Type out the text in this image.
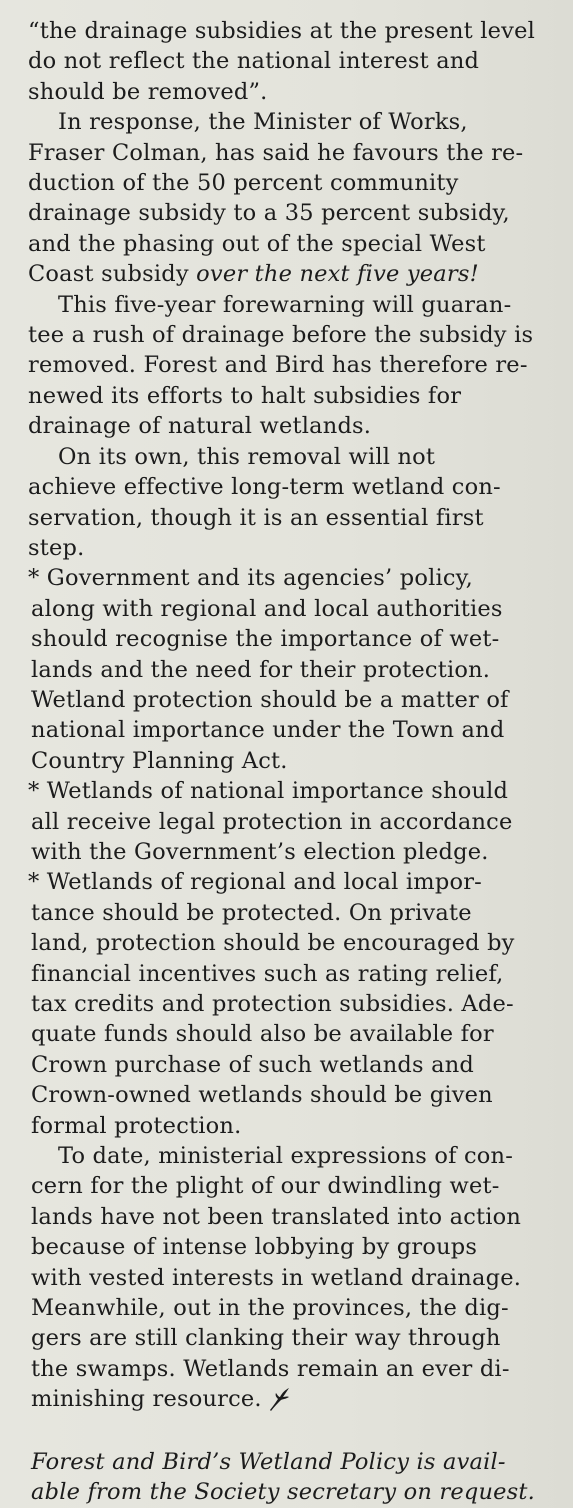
“the drainage subsidies at the present level
do not reflect the national interest and
should be removed”.
In response, the Minister of Works,
Fraser Colman, has said he favours the re-
duction of the 50 percent community
drainage subsidy to a 35 percent subsidy,
and the phasing out of the special West
Coast subsidy over the next five years!
This five-year forewarning will guaran-
tee a rush of drainage before the subsidy is
removed. Forest and Bird has therefore re-
newed its efforts to halt subsidies for
drainage of natural wetlands.
On its own, this removal will not
achieve effective long-term wetland con-
servation, though it is an essential first
step.
* Government and its agencies’ policy,
along with regional and local authorities
should recognise the importance of wet-
lands and the need for their protection.
Wetland protection should be a matter of
national importance under the Town and
Country Planning Act.
* Wetlands of national importance should
all receive legal protection in accordance
with the Government’s election pledge.
* Wetlands of regional and local impor-
tance should be protected. On private
land, protection should be encouraged by
financial incentives such as rating relief,
tax credits and protection subsidies. Ade-
quate funds should also be available for
Crown purchase of such wetlands and
Crown-owned wetlands should be given
formal protection.
To date, ministerial expressions of con-
cern for the plight of our dwindling wet-
lands have not been translated into action
because of intense lobbying by groups
with vested interests in wetland drainage.
Meanwhile, out in the provinces, the dig-
gers are still clanking their way through
the swamps. Wetlands remain an ever di-
minishing resource.
Forest and Bird’s Wetland Policy is avail-
able from the Society secretary on request.
